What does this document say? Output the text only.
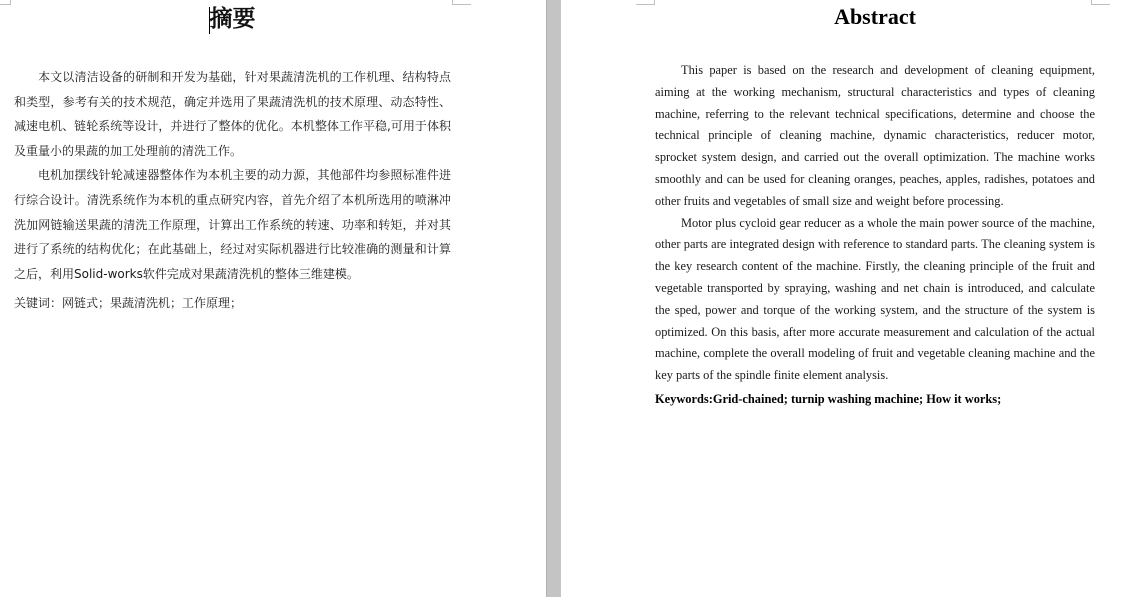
摘要

本文以清洁设备的研制和开发为基础，针对果蔬清洗机的工作机理、结构特点和类型，参考有关的技术规范，确定并选用了果蔬清洗机的技术原理、动态特性、减速电机、链轮系统等设计，并进行了整体的优化。本机整体工作平稳,可用于体积及重量小的果蔬的加工处理前的清洗工作。

电机加摆线针轮减速器整体作为本机主要的动力源，其他部件均参照标准件进行综合设计。清洗系统作为本机的重点研究内容，首先介绍了本机所选用的喷淋冲洗加网链输送果蔬的清洗工作原理，计算出工作系统的转速、功率和转矩，并对其进行了系统的结构优化；在此基础上，经过对实际机器进行比较准确的测量和计算之后，利用Solid-works软件完成对果蔬清洗机的整体三维建模。

关键词：网链式；果蔬清洗机；工作原理；

Abstract

This paper is based on the research and development of cleaning equipment, aiming at the working mechanism, structural characteristics and types of cleaning machine, referring to the relevant technical specifications, determine and choose the technical principle of cleaning machine, dynamic characteristics, reducer motor, sprocket system design, and carried out the overall optimization. The machine works smoothly and can be used for cleaning oranges, peaches, apples, radishes, potatoes and other fruits and vegetables of small size and weight before processing.

Motor plus cycloid gear reducer as a whole the main power source of the machine, other parts are integrated design with reference to standard parts. The cleaning system is the key research content of the machine. Firstly, the cleaning principle of the fruit and vegetable transported by spraying, washing and net chain is introduced, and calculate the sped, power and torque of the working system, and the structure of the system is optimized. On this basis, after more accurate measurement and calculation of the actual machine, complete the overall modeling of fruit and vegetable cleaning machine and the key parts of the spindle finite element analysis.

Keywords:Grid-chained; turnip washing machine; How it works;
